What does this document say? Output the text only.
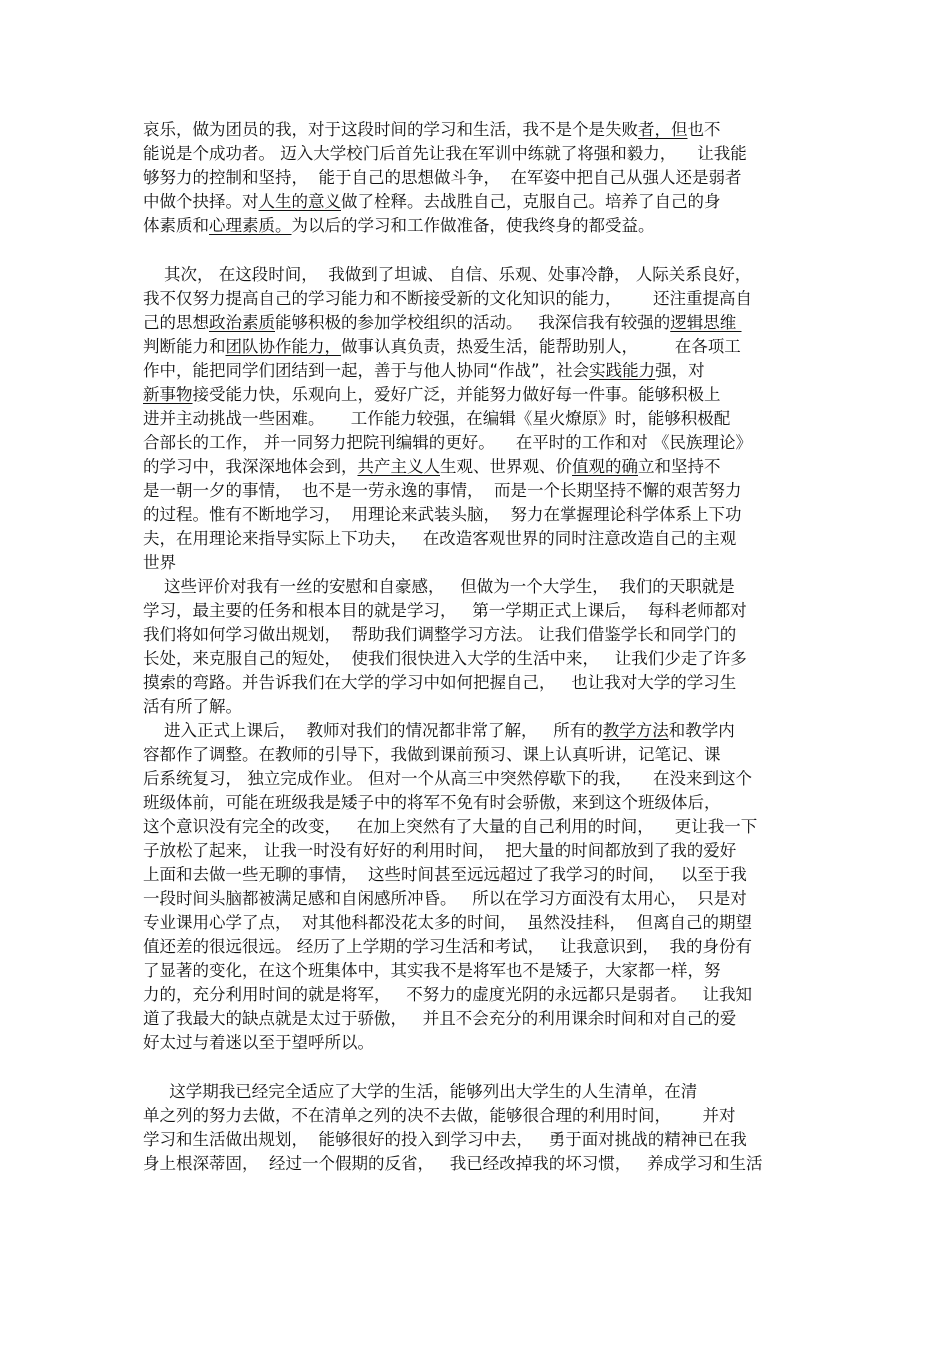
哀乐，做为团员的我，对于这段时间的学习和生活，我不是个是失败者，但也不
能说是个成功者。 迈入大学校门后首先让我在军训中练就了将强和毅力，    让我能
够努力的控制和坚持，  能于自己的思想做斗争，  在军姿中把自己从强人还是弱者
中做个抉择。对人生的意义做了栓释。去战胜自己，克服自己。培养了自己的身
体素质和心理素质。为以后的学习和工作做准备，使我终身的都受益。
其次， 在这段时间，  我做到了坦诚、 自信、乐观、处事冷静， 人际关系良好，
我不仅努力提高自己的学习能力和不断接受新的文化知识的能力，      还注重提高自
己的思想政治素质能够积极的参加学校组织的活动。   我深信我有较强的逻辑思维
判断能力和团队协作能力，做事认真负责，热爱生活，能帮助别人，       在各项工
作中，能把同学们团结到一起，善于与他人协同“作战”，社会实践能力强，对
新事物接受能力快，乐观向上，爱好广泛，并能努力做好每一件事。能够积极上
进并主动挑战一些困难。     工作能力较强，在编辑《星火燎原》时，能够积极配
合部长的工作， 并一同努力把院刊编辑的更好。    在平时的工作和对 《民族理论》
的学习中，我深深地体会到，共产主义人生观、世界观、价值观的确立和坚持不
是一朝一夕的事情，  也不是一劳永逸的事情，  而是一个长期坚持不懈的艰苦努力
的过程。惟有不断地学习，  用理论来武装头脑，  努力在掌握理论科学体系上下功
夫，在用理论来指导实际上下功夫，   在改造客观世界的同时注意改造自己的主观
世界
这些评价对我有一丝的安慰和自豪感，   但做为一个大学生，  我们的天职就是
学习，最主要的任务和根本目的就是学习，   第一学期正式上课后，  每科老师都对
我们将如何学习做出规划，  帮助我们调整学习方法。 让我们借鉴学长和同学门的
长处，来克服自己的短处，  使我们很快进入大学的生活中来，   让我们少走了许多
摸索的弯路。并告诉我们在大学的学习中如何把握自己，   也让我对大学的学习生
活有所了解。
进入正式上课后，  教师对我们的情况都非常了解，   所有的教学方法和教学内
容都作了调整。在教师的引导下，我做到课前预习、课上认真听讲，记笔记、课
后系统复习， 独立完成作业。 但对一个从高三中突然停歇下的我，    在没来到这个
班级体前，可能在班级我是矮子中的将军不免有时会骄傲，来到这个班级体后，
这个意识没有完全的改变，   在加上突然有了大量的自己利用的时间，    更让我一下
子放松了起来， 让我一时没有好好的利用时间，  把大量的时间都放到了我的爱好
上面和去做一些无聊的事情，  这些时间甚至远远超过了我学习的时间，   以至于我
一段时间头脑都被满足感和自闲感所冲昏。   所以在学习方面没有太用心，  只是对
专业课用心学了点，  对其他科都没花太多的时间，  虽然没挂科，  但离自己的期望
值还差的很远很远。 经历了上学期的学习生活和考试，   让我意识到，  我的身份有
了显著的变化，在这个班集体中，其实我不是将军也不是矮子，大家都一样，努
力的，充分利用时间的就是将军，   不努力的虚度光阴的永远都只是弱者。   让我知
道了我最大的缺点就是太过于骄傲，   并且不会充分的利用课余时间和对自己的爱
好太过与着迷以至于望呼所以。
这学期我已经完全适应了大学的生活，能够列出大学生的人生清单，在清
单之列的努力去做，不在清单之列的决不去做，能够很合理的利用时间，      并对
学习和生活做出规划，  能够很好的投入到学习中去，   勇于面对挑战的精神已在我
身上根深蒂固，  经过一个假期的反省，   我已经改掉我的坏习惯，   养成学习和生活
